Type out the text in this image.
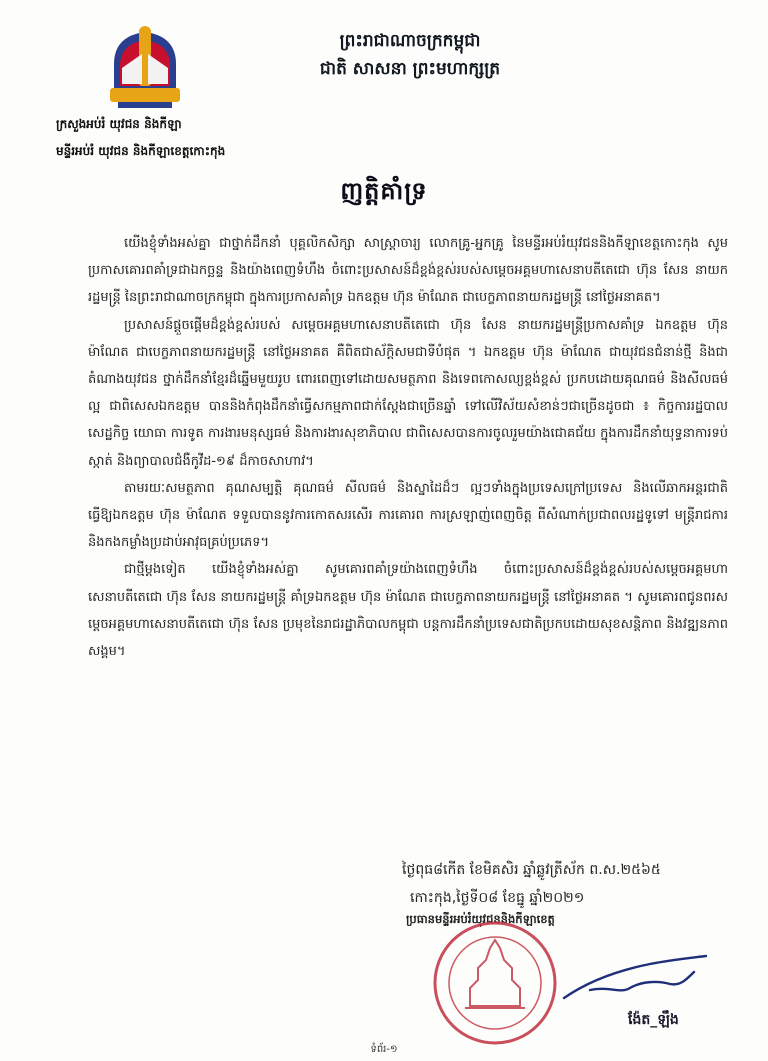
ព្រះរាជាណាចក្រកម្ពុជា
ជាតិ សាសនា ព្រះមហាក្សត្រ
ក្រសួងអប់រំ យុវជន និងកីឡា
មន្ទីរអប់រំ យុវជន និងកីឡាខេត្តកោះកុង
ញត្តិគាំទ្រ

យើងខ្ញុំទាំងអស់គ្នា ជាថ្នាក់ដឹកនាំ បុគ្គលិកសិក្សា សាស្ត្រាចារ្យ លោកគ្រូ-អ្នកគ្រូ នៃមន្ទីរអប់រំយុវជននិងកីឡាខេត្តកោះកុង សូមប្រកាសគោរពគាំទ្រជាឯកច្ឆន្ទ និងយ៉ាងពេញទំហឹង ចំពោះប្រសាសន៍ដ៏ខ្ពង់ខ្ពស់របស់សម្តេចអគ្គមហាសេនាបតីតេជោ ហ៊ុន សែន នាយករដ្ឋមន្ត្រី នៃព្រះរាជាណាចក្រកម្ពុជា ក្នុងការប្រកាសគាំទ្រ ឯកឧត្តម ហ៊ុន ម៉ាណែត ជាបេក្ខភាពនាយករដ្ឋមន្ត្រី នៅថ្ងៃអនាគត។

ប្រសាសន៍ផ្តួចផ្តើមដ៏ខ្ពង់ខ្ពស់របស់ សម្តេចអគ្គមហាសេនាបតីតេជោ ហ៊ុន សែន នាយករដ្ឋមន្ត្រីប្រកាសគាំទ្រ ឯកឧត្តម ហ៊ុន ម៉ាណែត ជាបេក្ខភាពនាយករដ្ឋមន្ត្រី នៅថ្ងៃអនាគត គឺពិតជាស័ក្តិសមជាទីបំផុត ។ ឯកឧត្តម ហ៊ុន ម៉ាណែត ជាយុវជនជំនាន់ថ្មី និងជាតំណាងយុវជន ថ្នាក់ដឹកនាំខ្មែរដ៏ឆ្នើមមួយរូប ពោរពេញទៅដោយសមត្ថភាព និងទេពកោសល្យខ្ពង់ខ្ពស់ ប្រកបដោយគុណធម៌ និងសីលធម៌ល្អ ជាពិសេសឯកឧត្តម បាននិងកំពុងដឹកនាំធ្វើសកម្មភាពជាក់ស្តែងជាច្រើនឆ្នាំ ទៅលើវិស័យសំខាន់ៗជាច្រើនដូចជា ៖ កិច្ចការរដ្ឋបាល សេដ្ឋកិច្ច យោធា ការទូត ការងារមនុស្សធម៌ និងការងារសុខាភិបាល ជាពិសេសបានការចូលរួមយ៉ាងជោគជ័យ ក្នុងការដឹកនាំយុទ្ធនាការទប់ស្កាត់ និងព្យាបាលជំងឺកូវីដ-១៩ ដ៏កាចសាហាវ។

តាមរយៈសមត្ថភាព គុណសម្បត្តិ គុណធម៌ សីលធម៌ និងស្នាដៃដ៏ៗ ល្អៗទាំងក្នុងប្រទេសក្រៅប្រទេស និងលើឆាកអន្តរជាតិ ធ្វើឱ្យឯកឧត្តម ហ៊ុន ម៉ាណែត ទទួលបាននូវការកោតសរសើរ ការគោរព ការស្រឡាញ់ពេញចិត្ត ពីសំណាក់ប្រជាពលរដ្ឋទូទៅ មន្ត្រីរាជការ និងកងកម្លាំងប្រដាប់អាវុធគ្រប់ប្រភេទ។

ជាថ្មីម្តងទៀត យើងខ្ញុំទាំងអស់គ្នា សូមគោរពគាំទ្រយ៉ាងពេញទំហឹង ចំពោះប្រសាសន៍ដ៏ខ្ពង់ខ្ពស់របស់សម្តេចអគ្គមហាសេនាបតីតេជោ ហ៊ុន សែន នាយករដ្ឋមន្ត្រី គាំទ្រឯកឧត្តម ហ៊ុន ម៉ាណែត ជាបេក្ខភាពនាយករដ្ឋមន្ត្រី នៅថ្ងៃអនាគត ។ សូមគោរពជូនពរសម្តេចអគ្គមហាសេនាបតីតេជោ ហ៊ុន សែន ប្រមុខនៃរាជរដ្ឋាភិបាលកម្ពុជា បន្តការដឹកនាំប្រទេសជាតិប្រកបដោយសុខសន្តិភាព និងវឌ្ឍនភាពសង្គម។

ថ្ងៃពុធ៨កើត ខែមិគសិរ ឆ្នាំឆ្លូវត្រីស័ក ព.ស.២៥៦៥
កោះកុង,ថ្ងៃទី០៨ ខែធ្នូ ឆ្នាំ២០២១
ប្រធានមន្ទីរអប់រំយុវជននិងកីឡាខេត្ត
ង៉ែត_ឡឹង
ទំព័រ-១
